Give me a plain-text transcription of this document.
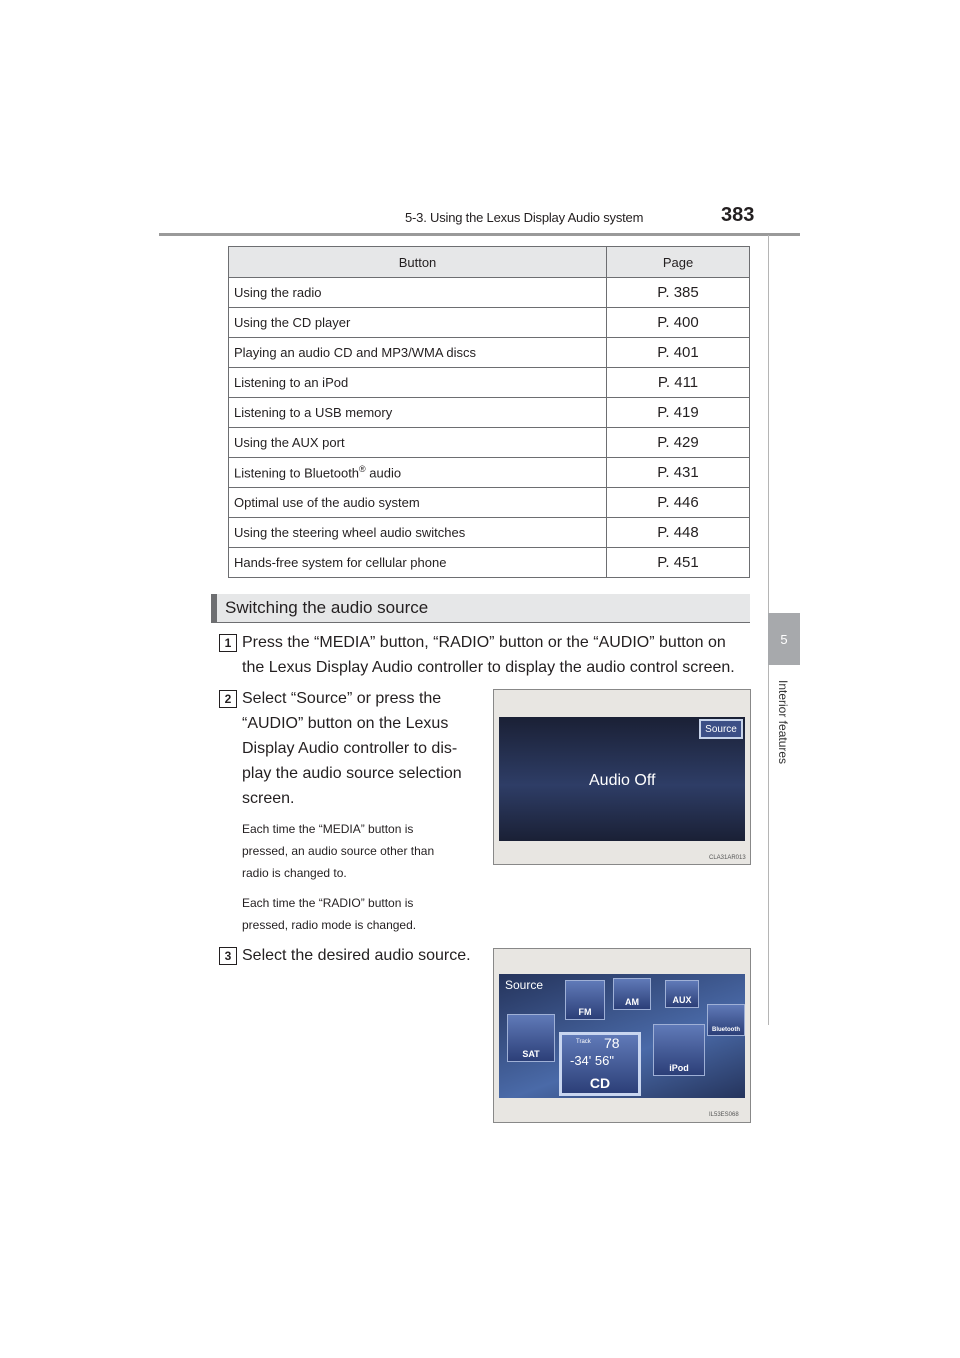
5-3. Using the Lexus Display Audio system	383
5
Interior features
Button	Page
Using the radio	P. 385
Using the CD player	P. 400
Playing an audio CD and MP3/WMA discs	P. 401
Listening to an iPod	P. 411
Listening to a USB memory	P. 419
Using the AUX port	P. 429
Listening to Bluetooth® audio	P. 431
Optimal use of the audio system	P. 446
Using the steering wheel audio switches	P. 448
Hands-free system for cellular phone	P. 451
Switching the audio source
1 Press the “MEDIA” button, “RADIO” button or the “AUDIO” button on
the Lexus Display Audio controller to display the audio control screen.
2 Select “Source” or press the
“AUDIO” button on the Lexus
Display Audio controller to dis-
play the audio source selection
screen.
Each time the “MEDIA” button is
pressed, an audio source other than
radio is changed to.
Each time the “RADIO” button is
pressed, radio mode is changed.
Source
Audio Off
CLA31AR013
3 Select the desired audio source.
Source
FM
AM	AUX
Bluetooth
SAT
iPod
Track 78
-34' 56"
CD
IL53ES068
